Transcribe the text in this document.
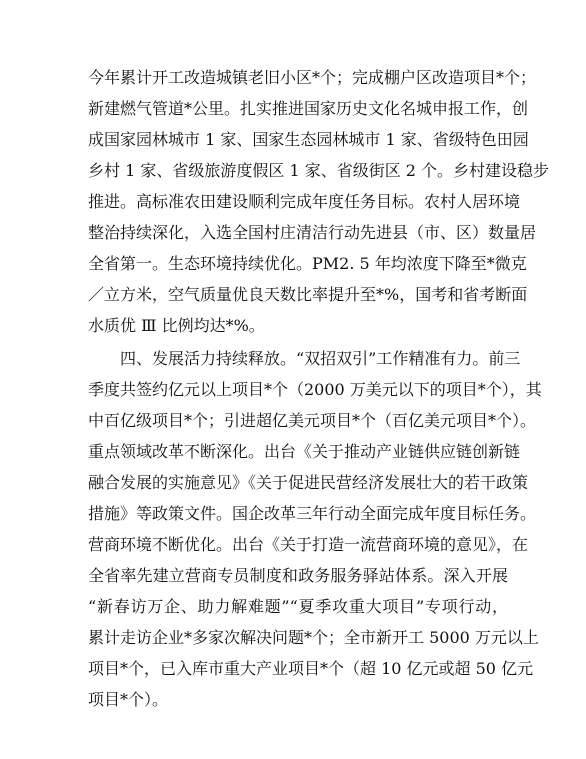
今年累计开工改造城镇老旧小区*个；完成棚户区改造项目*个；
新建燃气管道*公里。扎实推进国家历史文化名城申报工作，创
成国家园林城市 1 家、国家生态园林城市 1 家、省级特色田园
乡村 1 家、省级旅游度假区 1 家、省级街区 2 个。乡村建设稳步
推进。高标准农田建设顺利完成年度任务目标。农村人居环境
整治持续深化，入选全国村庄清洁行动先进县（市、区）数量居
全省第一。生态环境持续优化。PM2. 5 年均浓度下降至*微克
／立方米，空气质量优良天数比率提升至*%，国考和省考断面
水质优 Ⅲ 比例均达*%。
四、发展活力持续释放。“双招双引”工作精准有力。前三
季度共签约亿元以上项目*个（2000 万美元以下的项目*个），其
中百亿级项目*个；引进超亿美元项目*个（百亿美元项目*个）。
重点领域改革不断深化。出台《关于推动产业链供应链创新链
融合发展的实施意见》《关于促进民营经济发展壮大的若干政策
措施》等政策文件。国企改革三年行动全面完成年度目标任务。
营商环境不断优化。出台《关于打造一流营商环境的意见》，在
全省率先建立营商专员制度和政务服务驿站体系。深入开展
“新春访万企、助力解难题”“夏季攻重大项目”专项行动，
累计走访企业*多家次解决问题*个；全市新开工 5000 万元以上
项目*个，已入库市重大产业项目*个（超 10 亿元或超 50 亿元
项目*个）。
